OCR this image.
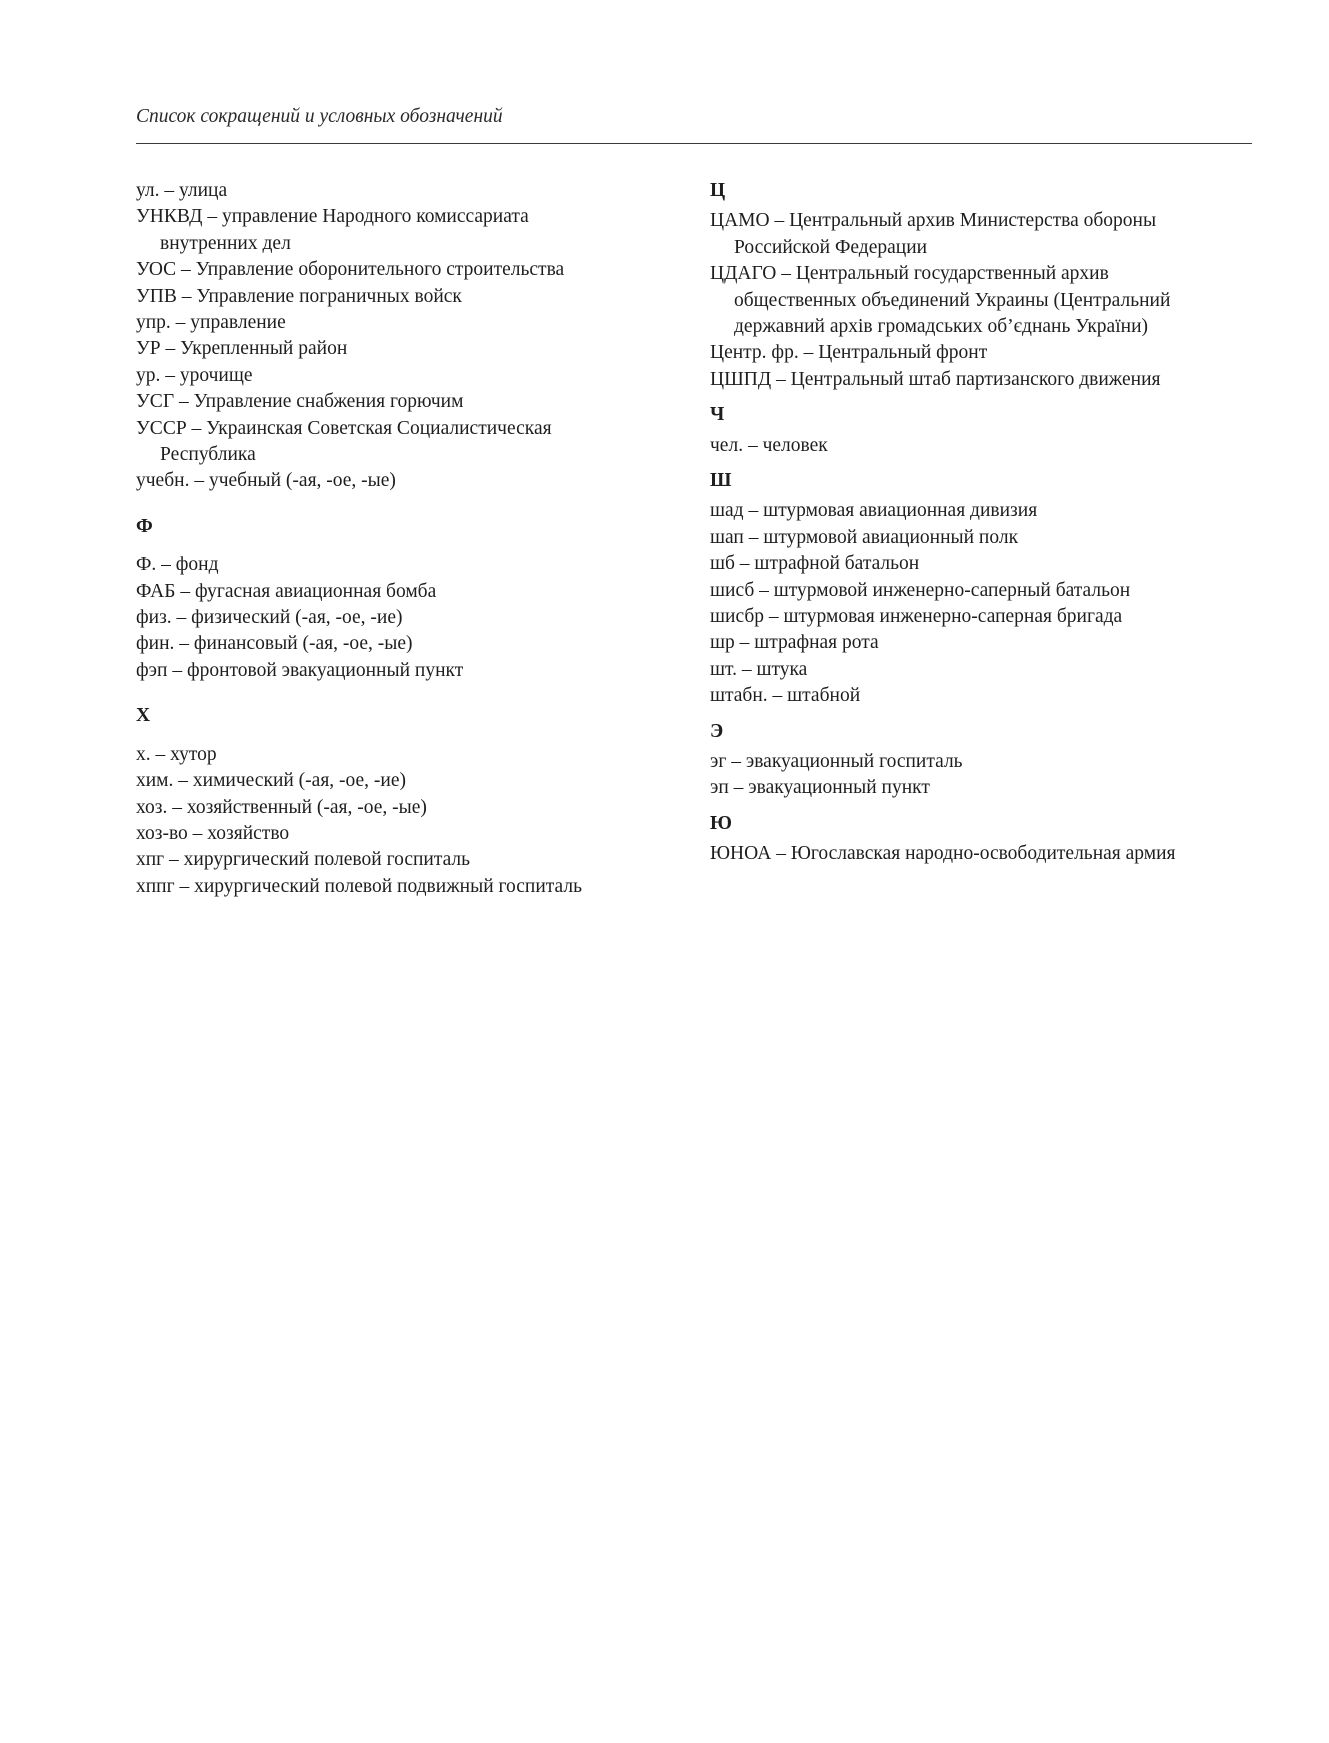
Список сокращений и условных обозначений
ул. – улица
УНКВД – управление Народного комиссариата
внутренних дел
УОС – Управление оборонительного строительства
УПВ – Управление пограничных войск
упр. – управление
УР – Укрепленный район
ур. – урочище
УСГ – Управление снабжения горючим
УССР – Украинская Советская Социалистическая
Республика
учебн. – учебный (-ая, -ое, -ые)
Ф
Ф. – фонд
ФАБ – фугасная авиационная бомба
физ. – физический (-ая, -ое, -ие)
фин. – финансовый (-ая, -ое, -ые)
фэп – фронтовой эвакуационный пункт
Х
х. – хутор
хим. – химический (-ая, -ое, -ие)
хоз. – хозяйственный (-ая, -ое, -ые)
хоз-во – хозяйство
хпг – хирургический полевой госпиталь
хппг – хирургический полевой подвижный госпиталь
Ц
ЦАМО – Центральный архив Министерства обороны
Российской Федерации
ЦДАГО – Центральный государственный архив
общественных объединений Украины (Центральний
державний архів громадських об’єднань України)
Центр. фр. – Центральный фронт
ЦШПД – Центральный штаб партизанского движения
Ч
чел. – человек
Ш
шад – штурмовая авиационная дивизия
шап – штурмовой авиационный полк
шб – штрафной батальон
шисб – штурмовой инженерно-саперный батальон
шисбр – штурмовая инженерно-саперная бригада
шр – штрафная рота
шт. – штука
штабн. – штабной
Э
эг – эвакуационный госпиталь
эп – эвакуационный пункт
Ю
ЮНОА – Югославская народно-освободительная армия
